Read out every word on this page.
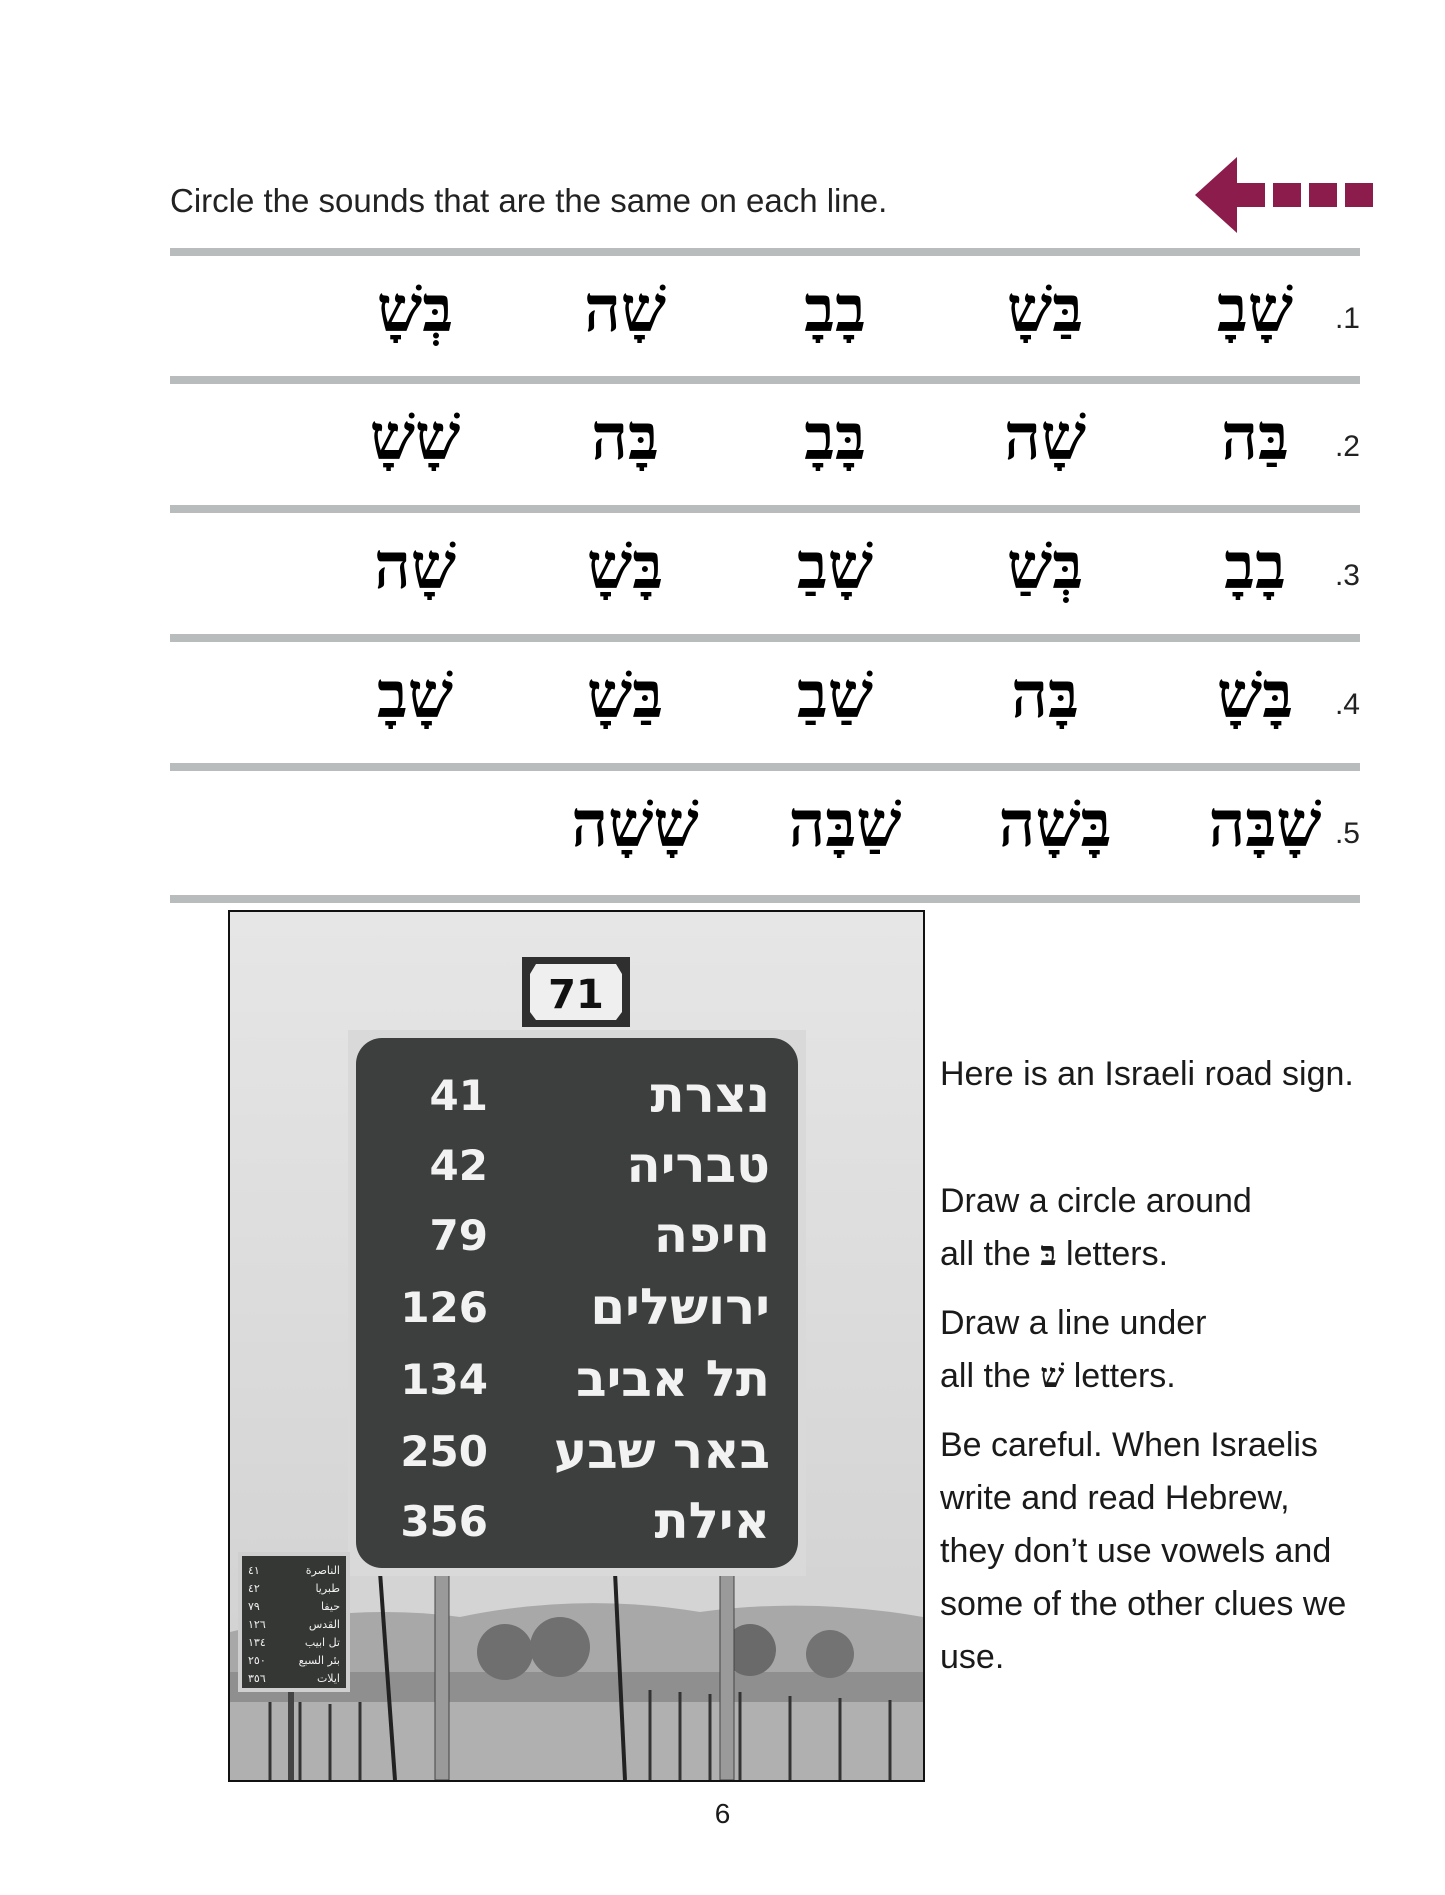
Circle the sounds that are the same on each line.
.1
שָׁבָ
בַּשָׁ
בָבָ
שָׁה
בְּשָׁ
.2
בַּה
שָׁה
בָּבָ
בָּה
שָׁשָׁ
.3
בָבָ
בְּשַׁ
שָׁבַ
בָּשָׁ
שָׁה
.4
בָּשָׁ
בָּה
שַׁבַ
בַּשָׁ
שָׁבָ
.5
שָׁבָּה
בָּשָׁה
שַׁבָּה
שָׁשָׁה
71
נצרת
טבריה
חיפה
ירושלים
תל אביב
באר שבע
אילת
41
42
79
126
134
250
356
الناصرة
طبريا
حيفا
القدس
تل ابيب
بئر السبع
ايلات
٤١
٤٢
٧٩
١٢٦
١٣٤
٢٥٠
٣٥٦
Here is an Israeli road sign.
Draw a circle around
all the בּ letters.
Draw a line under
all the שׁ letters.
Be careful. When Israelis write and read Hebrew, they don’t use vowels and some of the other clues we use.
6
